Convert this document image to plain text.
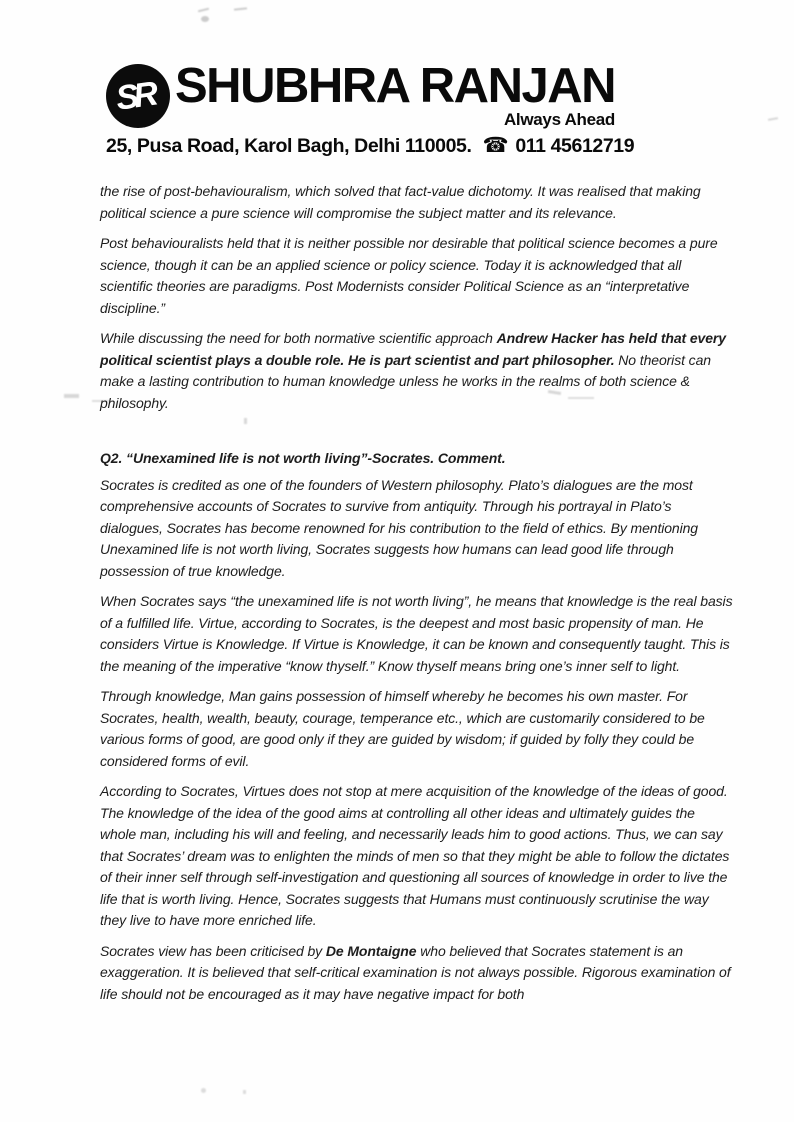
SR SHUBHRA RANJAN
Always Ahead
25, Pusa Road, Karol Bagh, Delhi 110005. ☎ 011 45612719

the rise of post-behaviouralism, which solved that fact-value dichotomy. It was realised that making political science a pure science will compromise the subject matter and its relevance.

Post behaviouralists held that it is neither possible nor desirable that political science becomes a pure science, though it can be an applied science or policy science. Today it is acknowledged that all scientific theories are paradigms. Post Modernists consider Political Science as an “interpretative discipline.”

While discussing the need for both normative scientific approach Andrew Hacker has held that every political scientist plays a double role. He is part scientist and part philosopher. No theorist can make a lasting contribution to human knowledge unless he works in the realms of both science & philosophy.

Q2. “Unexamined life is not worth living”-Socrates. Comment.

Socrates is credited as one of the founders of Western philosophy. Plato’s dialogues are the most comprehensive accounts of Socrates to survive from antiquity. Through his portrayal in Plato’s dialogues, Socrates has become renowned for his contribution to the field of ethics. By mentioning Unexamined life is not worth living, Socrates suggests how humans can lead good life through possession of true knowledge.

When Socrates says “the unexamined life is not worth living”, he means that knowledge is the real basis of a fulfilled life. Virtue, according to Socrates, is the deepest and most basic propensity of man. He considers Virtue is Knowledge. If Virtue is Knowledge, it can be known and consequently taught. This is the meaning of the imperative “know thyself.” Know thyself means bring one’s inner self to light.

Through knowledge, Man gains possession of himself whereby he becomes his own master. For Socrates, health, wealth, beauty, courage, temperance etc., which are customarily considered to be various forms of good, are good only if they are guided by wisdom; if guided by folly they could be considered forms of evil.

According to Socrates, Virtues does not stop at mere acquisition of the knowledge of the ideas of good. The knowledge of the idea of the good aims at controlling all other ideas and ultimately guides the whole man, including his will and feeling, and necessarily leads him to good actions. Thus, we can say that Socrates’ dream was to enlighten the minds of men so that they might be able to follow the dictates of their inner self through self-investigation and questioning all sources of knowledge in order to live the life that is worth living. Hence, Socrates suggests that Humans must continuously scrutinise the way they live to have more enriched life.

Socrates view has been criticised by De Montaigne who believed that Socrates statement is an exaggeration. It is believed that self-critical examination is not always possible. Rigorous examination of life should not be encouraged as it may have negative impact for both
